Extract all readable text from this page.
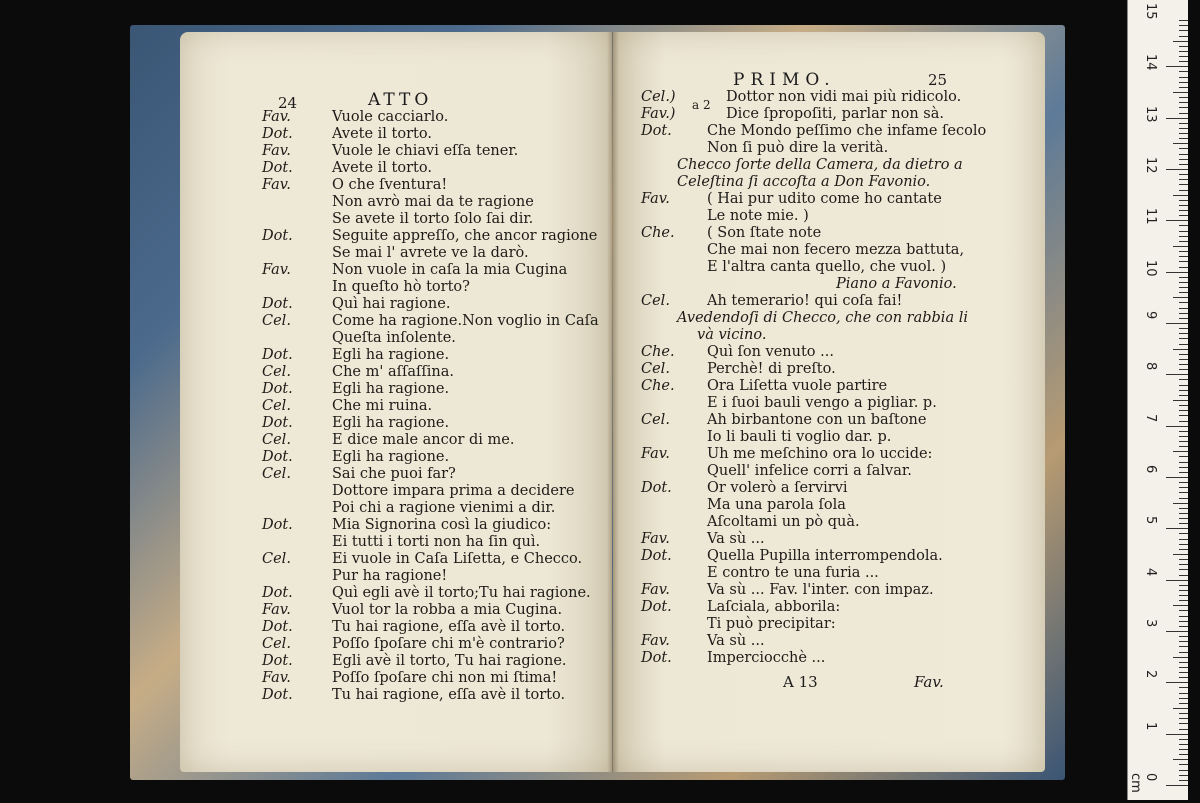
24	ATTO
Fav.	Vuole cacciarlo.
Dot.	Avete il torto.
Fav.	Vuole le chiavi eſſa tener.
Dot.	Avete il torto.
Fav.	O che ſventura!
Non avrò mai da te ragione
Se avete il torto ſolo ſai dir.
Dot.	Seguite appreſſo, che ancor ragione
Se mai l' avrete ve la darò.
Fav.	Non vuole in caſa la mia Cugina
In queſto hò torto?
Dot.	Quì hai ragione.
Cel.	Come ha ragione.Non voglio in Caſa
Queſta inſolente.
Dot.	Egli ha ragione.
Cel.	Che m' aſſaſſina.
Dot.	Egli ha ragione.
Cel.	Che mi ruina.
Dot.	Egli ha ragione.
Cel.	E dice male ancor di me.
Dot.	Egli ha ragione.
Cel.	Sai che puoi far?
Dottore impara prima a decidere
Poi chi a ragione vienimi a dir.
Dot.	Mia Signorina così la giudico:
Ei tutti i torti non ha ſin quì.
Cel.	Ei vuole in Caſa Liſetta, e Checco.
Pur ha ragione!
Dot.	Quì egli avè il torto;Tu hai ragione.
Fav.	Vuol tor la robba a mia Cugina.
Dot.	Tu hai ragione, eſſa avè il torto.
Cel.	Poſſo ſpoſare chi m'è contrario?
Dot.	Egli avè il torto, Tu hai ragione.
Fav.	Poſſo ſpoſare chi non mi ſtima!
Dot.	Tu hai ragione, eſſa avè il torto.
PRIMO.	25
a 2
Cel.)	Dottor non vidi mai più ridicolo.
Fav.)	Dice ſpropoſiti, parlar non sà.
Dot. Che Mondo peſſimo che infame ſecolo
Non ſi può dire la verità.
Checco ſorte della Camera, da dietro a
Celeſtina ſi accoſta a Don Favonio.
Fav.	( Hai pur udito come ho cantate
Le note mie. )
Che. ( Son ſtate note
Che mai non fecero mezza battuta,
E l'altra canta quello, che vuol. )
Piano a Favonio.
Cel.	Ah temerario! qui coſa fai!
Avedendoſi di Checco, che con rabbia li
và vicino.
Che. Quì ſon venuto ...
Cel.	Perchè! di preſto.
Che. Ora Liſetta vuole partire
E i ſuoi bauli vengo a pigliar. p.
Cel.	Ah birbantone con un baſtone
Io li bauli ti voglio dar. p.
Fav.	Uh me meſchino ora lo uccide:
Quell' infelice corri a ſalvar.
Dot. Or volerò a ſervirvi
Ma una parola ſola
Aſcoltami un pò quà.
Fav.	Va sù ...
Dot. Quella Pupilla interrompendola.
E contro te una furia ...
Fav.	Va sù ... Fav. l'inter. con impaz.
Dot. Laſciala, abborila:
Ti può precipitar:
Fav.	Va sù ...
Dot. Imperciocchè ...
A 13	Fav.
0 cm
1
2
3
4
5
6
7
8
9
10
11
12
13
14
15
